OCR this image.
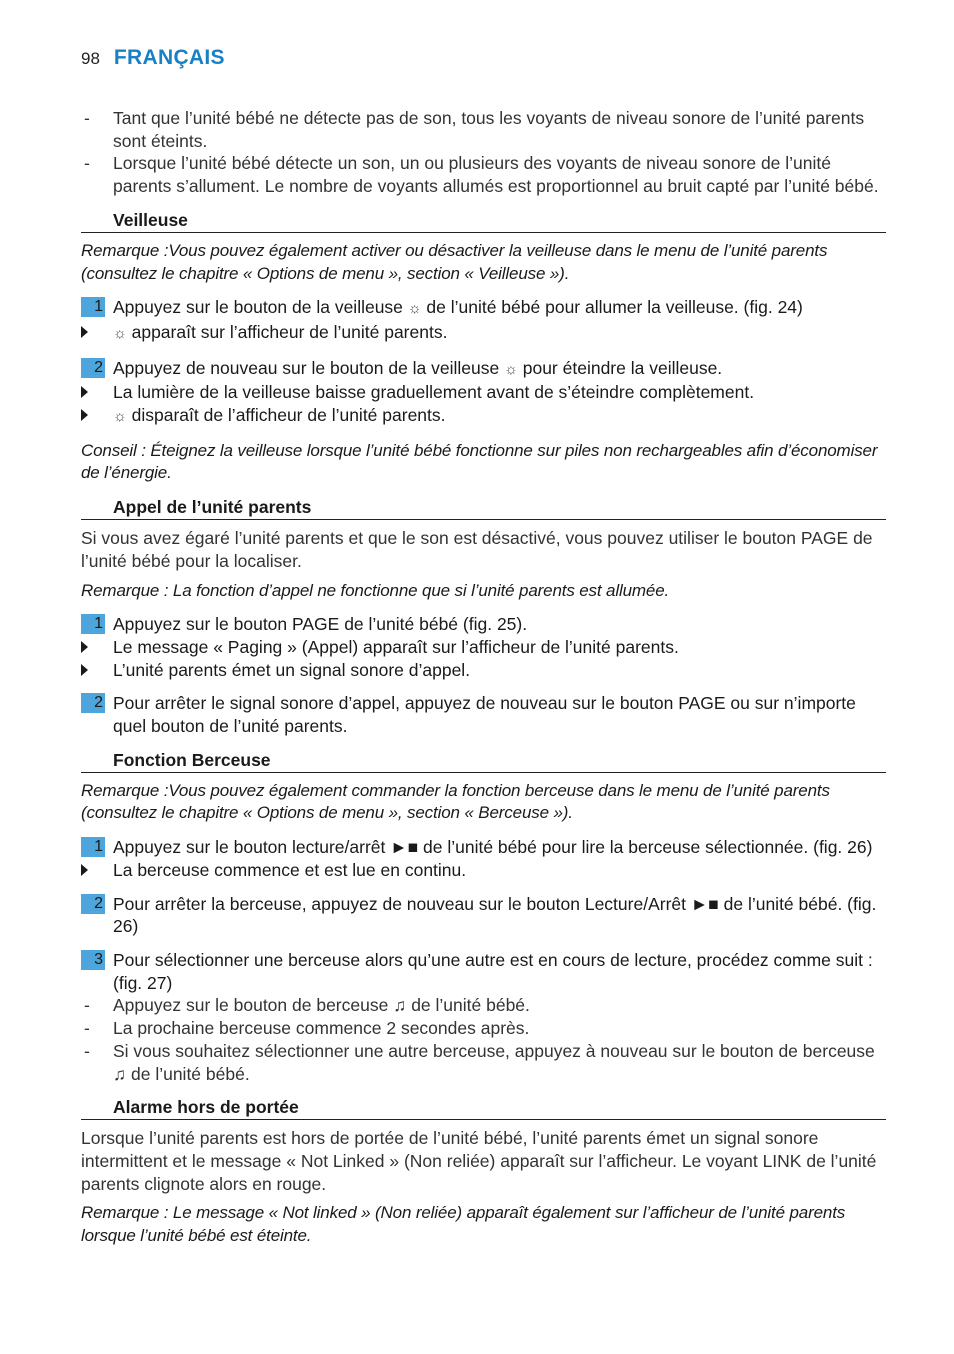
98 FRANÇAIS
- Tant que l’unité bébé ne détecte pas de son, tous les voyants de niveau sonore de l’unité parents sont éteints.
- Lorsque l’unité bébé détecte un son, un ou plusieurs des voyants de niveau sonore de l’unité parents s’allument. Le nombre de voyants allumés est proportionnel au bruit capté par l’unité bébé.
Veilleuse
Remarque :Vous pouvez également activer ou désactiver la veilleuse dans le menu de l’unité parents (consultez le chapitre « Options de menu », section « Veilleuse »).
1 Appuyez sur le bouton de la veilleuse ☼ de l’unité bébé pour allumer la veilleuse. (fig. 24)
☼ apparaît sur l’afficheur de l’unité parents.
2 Appuyez de nouveau sur le bouton de la veilleuse ☼ pour éteindre la veilleuse.
La lumière de la veilleuse baisse graduellement avant de s’éteindre complètement.
☼ disparaît de l’afficheur de l’unité parents.
Conseil : Éteignez la veilleuse lorsque l’unité bébé fonctionne sur piles non rechargeables afin d’économiser de l’énergie.
Appel de l’unité parents
Si vous avez égaré l’unité parents et que le son est désactivé, vous pouvez utiliser le bouton PAGE de l’unité bébé pour la localiser.
Remarque : La fonction d’appel ne fonctionne que si l’unité parents est allumée.
1 Appuyez sur le bouton PAGE de l’unité bébé (fig. 25).
Le message « Paging » (Appel) apparaît sur l’afficheur de l’unité parents.
L’unité parents émet un signal sonore d’appel.
2 Pour arrêter le signal sonore d’appel, appuyez de nouveau sur le bouton PAGE ou sur n’importe quel bouton de l’unité parents.
Fonction Berceuse
Remarque :Vous pouvez également commander la fonction berceuse dans le menu de l’unité parents (consultez le chapitre « Options de menu », section « Berceuse »).
1 Appuyez sur le bouton lecture/arrêt ►■ de l’unité bébé pour lire la berceuse sélectionnée. (fig. 26)
La berceuse commence et est lue en continu.
2 Pour arrêter la berceuse, appuyez de nouveau sur le bouton Lecture/Arrêt ►■ de l’unité bébé. (fig. 26)
3 Pour sélectionner une berceuse alors qu’une autre est en cours de lecture, procédez comme suit : (fig. 27)
- Appuyez sur le bouton de berceuse ♫ de l’unité bébé.
- La prochaine berceuse commence 2 secondes après.
- Si vous souhaitez sélectionner une autre berceuse, appuyez à nouveau sur le bouton de berceuse ♫ de l’unité bébé.
Alarme hors de portée
Lorsque l’unité parents est hors de portée de l’unité bébé, l’unité parents émet un signal sonore intermittent et le message « Not Linked » (Non reliée) apparaît sur l’afficheur. Le voyant LINK de l’unité parents clignote alors en rouge.
Remarque : Le message « Not linked » (Non reliée) apparaît également sur l’afficheur de l’unité parents lorsque l’unité bébé est éteinte.
